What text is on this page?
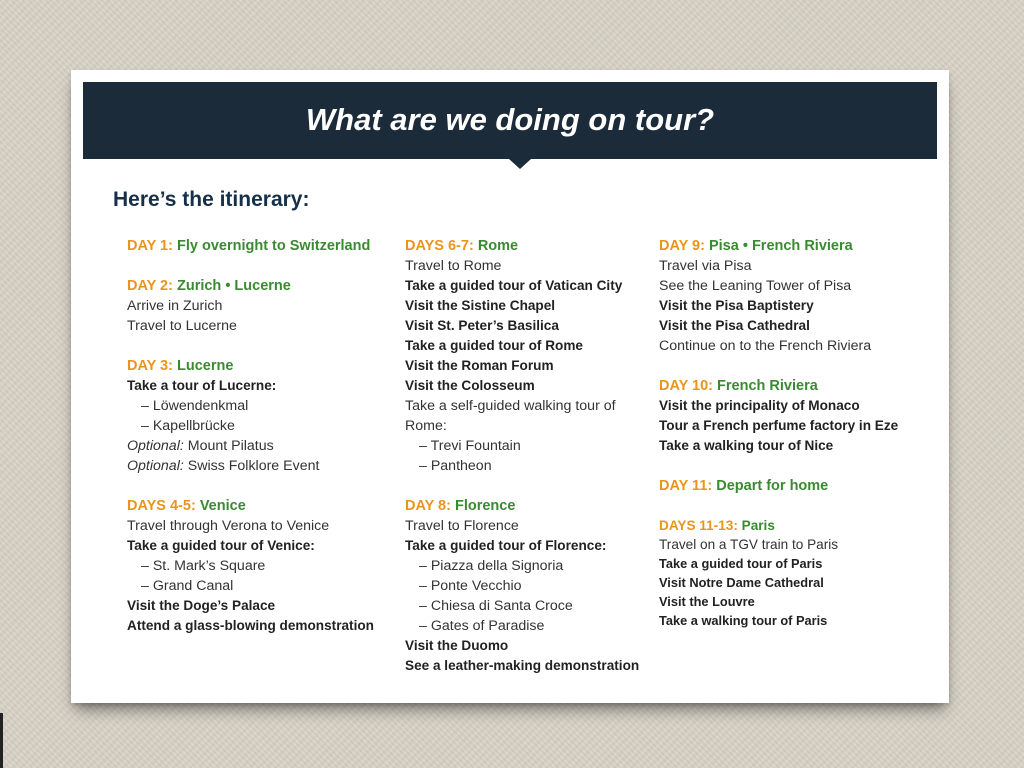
What are we doing on tour?
Here’s the itinerary:
DAY 1: Fly overnight to Switzerland
DAY 2: Zurich • Lucerne
Arrive in Zurich
Travel to Lucerne
DAY 3: Lucerne
Take a tour of Lucerne:
– Löwendenkmal
– Kapellbrücke
Optional: Mount Pilatus
Optional: Swiss Folklore Event
DAYS 4-5: Venice
Travel through Verona to Venice
Take a guided tour of Venice:
– St. Mark’s Square
– Grand Canal
Visit the Doge’s Palace
Attend a glass-blowing demonstration
DAYS 6-7: Rome
Travel to Rome
Take a guided tour of Vatican City
Visit the Sistine Chapel
Visit St. Peter’s Basilica
Take a guided tour of Rome
Visit the Roman Forum
Visit the Colosseum
Take a self-guided walking tour of
Rome:
– Trevi Fountain
– Pantheon
DAY 8: Florence
Travel to Florence
Take a guided tour of Florence:
– Piazza della Signoria
– Ponte Vecchio
– Chiesa di Santa Croce
– Gates of Paradise
Visit the Duomo
See a leather-making demonstration
DAY 9: Pisa • French Riviera
Travel via Pisa
See the Leaning Tower of Pisa
Visit the Pisa Baptistery
Visit the Pisa Cathedral
Continue on to the French Riviera
DAY 10: French Riviera
Visit the principality of Monaco
Tour a French perfume factory in Eze
Take a walking tour of Nice
DAY 11: Depart for home
DAYS 11-13: Paris
Travel on a TGV train to Paris
Take a guided tour of Paris
Visit Notre Dame Cathedral
Visit the Louvre
Take a walking tour of Paris
